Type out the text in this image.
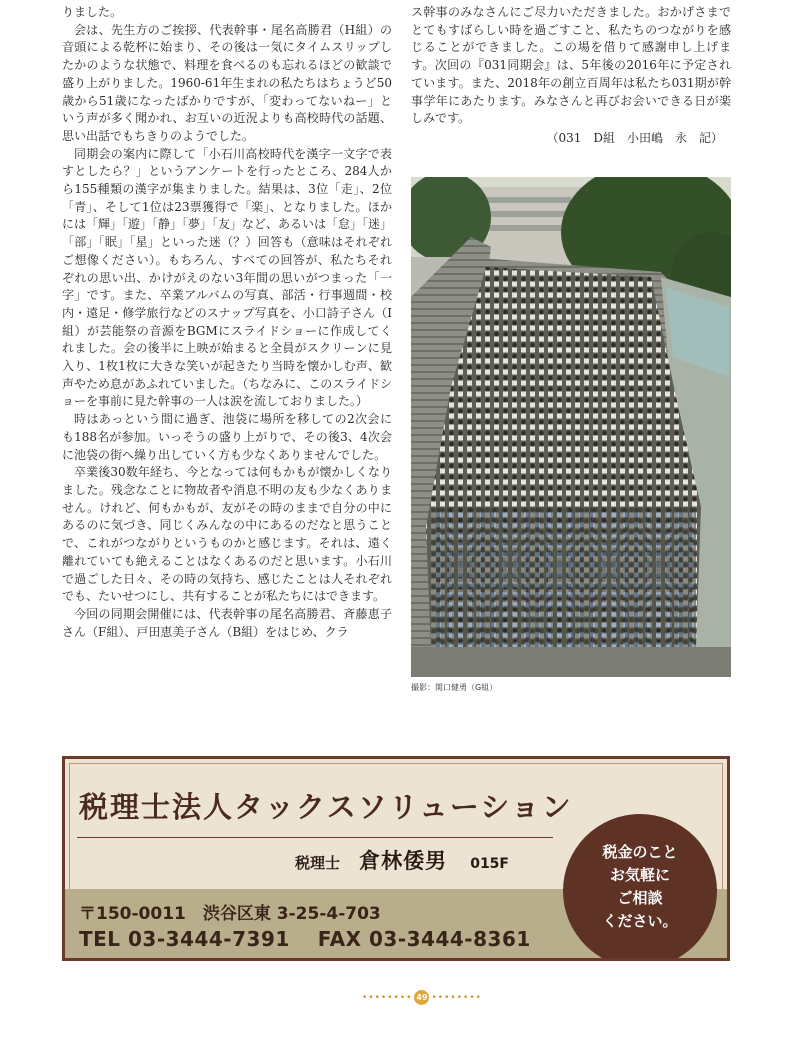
りました。

会は、先生方のご挨拶、代表幹事・尾名高勝君（H組）の音頭による乾杯に始まり、その後は一気にタイムスリップしたかのような状態で、料理を食べるのも忘れるほどの歓談で盛り上がりました。1960-61年生まれの私たちはちょうど50歳から51歳になったばかりですが、「変わってないねー」という声が多く聞かれ、お互いの近況よりも高校時代の話題、思い出話でもちきりのようでした。

同期会の案内に際して「小石川高校時代を漢字一文字で表すとしたら？」というアンケートを行ったところ、284人から155種類の漢字が集まりました。結果は、3位「走」、2位「青」、そして1位は23票獲得で「楽」、となりました。ほかには「輝」「遊」「静」「夢」「友」など、あるいは「怠」「迷」「部」「眠」「星」といった迷（？）回答も（意味はそれぞれご想像ください）。もちろん、すべての回答が、私たちそれぞれの思い出、かけがえのない3年間の思いがつまった「一字」です。また、卒業アルバムの写真、部活・行事週間・校内・遠足・修学旅行などのスナップ写真を、小口詩子さん（I組）が芸能祭の音源をBGMにスライドショーに作成してくれました。会の後半に上映が始まると全員がスクリーンに見入り、1枚1枚に大きな笑いが起きたり当時を懐かしむ声、歓声やため息があふれていました。（ちなみに、このスライドショーを事前に見た幹事の一人は涙を流しておりました。）

時はあっという間に過ぎ、池袋に場所を移しての2次会にも188名が参加。いっそうの盛り上がりで、その後3、4次会に池袋の街へ繰り出していく方も少なくありませんでした。

卒業後30数年経ち、今となっては何もかもが懐かしくなりました。残念なことに物故者や消息不明の友も少なくありません。けれど、何もかもが、友がその時のままで自分の中にあるのに気づき、同じくみんなの中にあるのだなと思うことで、これがつながりというものかと感じます。それは、遠く離れていても絶えることはなくあるのだと思います。小石川で過ごした日々、その時の気持ち、感じたことは人それぞれでも、たいせつにし、共有することが私たちにはできます。

今回の同期会開催には、代表幹事の尾名高勝君、斉藤恵子さん（F組）、戸田恵美子さん（B組）をはじめ、クラ

ス幹事のみなさんにご尽力いただきました。おかげさまでとてもすばらしい時を過ごすこと、私たちのつながりを感じることができました。この場を借りて感謝申し上げます。次回の『031同期会』は、5年後の2016年に予定されています。また、2018年の創立百周年は私たち031期が幹事学年にあたります。みなさんと再びお会いできる日が楽しみです。

（031　D組　小田嶋　永　記）

撮影：関口健勇（G組）
税理士法人タックスソリューション
税理士 倉林倭男 015F
〒150-0011　渋谷区東 3-25-4-703
TEL 03-3444-7391 FAX 03-3444-8361
税金のこと
お気軽に
ご相談
ください。
•••••••• 49 ••••••••
